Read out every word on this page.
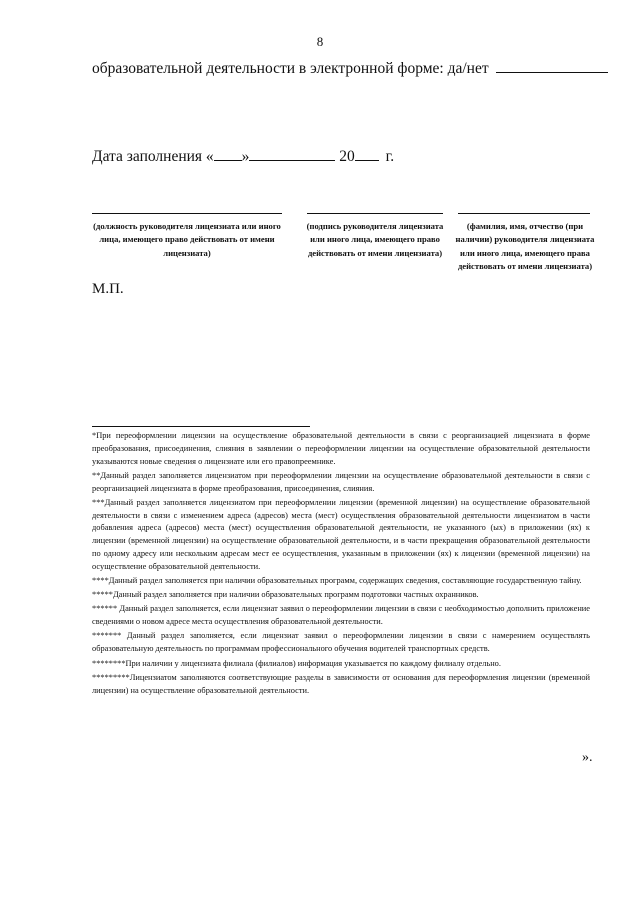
8
образовательной деятельности в электронной форме: да/нет
Дата заполнения « »	20 г.
(должность руководителя лицензиата или иного лица, имеющего право действовать от имени лицензиата)
(подпись руководителя лицензиата или иного лица, имеющего право действовать от имени лицензиата)
(фамилия, имя, отчество (при наличии) руководителя лицензиата или иного лица, имеющего права действовать от имени лицензиата)
М.П.

*При переоформлении лицензии на осуществление образовательной деятельности в связи с реорганизацией лицензиата в форме преобразования, присоединения, слияния в заявлении о переоформлении лицензии на осуществление образовательной деятельности указываются новые сведения о лицензиате или его правопреемнике.

**Данный раздел заполняется лицензиатом при переоформлении лицензии на осуществление образовательной деятельности в связи с реорганизацией лицензиата в форме преобразования, присоединения, слияния.

***Данный раздел заполняется лицензиатом при переоформлении лицензии (временной лицензии) на осуществление образовательной деятельности в связи с изменением адреса (адресов) места (мест) осуществления образовательной деятельности лицензиатом в части добавления адреса (адресов) места (мест) осуществления образовательной деятельности, не указанного (ых) в приложении (ях) к лицензии (временной лицензии) на осуществление образовательной деятельности, и в части прекращения образовательной деятельности по одному адресу или нескольким адресам мест ее осуществления, указанным в приложении (ях) к лицензии (временной лицензии) на осуществление образовательной деятельности.

****Данный раздел заполняется при наличии образовательных программ, содержащих сведения, составляющие государственную тайну.

*****Данный раздел заполняется при наличии образовательных программ подготовки частных охранников.

****** Данный раздел заполняется, если лицензиат заявил о переоформлении лицензии в связи с необходимостью дополнить приложение сведениями о новом адресе места осуществления образовательной деятельности.

******* Данный раздел заполняется, если лицензиат заявил о переоформлении лицензии в связи с намерением осуществлять образовательную деятельность по программам профессионального обучения водителей транспортных средств.

********При наличии у лицензиата филиала (филиалов) информация указывается по каждому филиалу отдельно.

*********Лицензиатом заполняются соответствующие разделы в зависимости от основания для переоформления лицензии (временной лицензии) на осуществление образовательной деятельности.

».
